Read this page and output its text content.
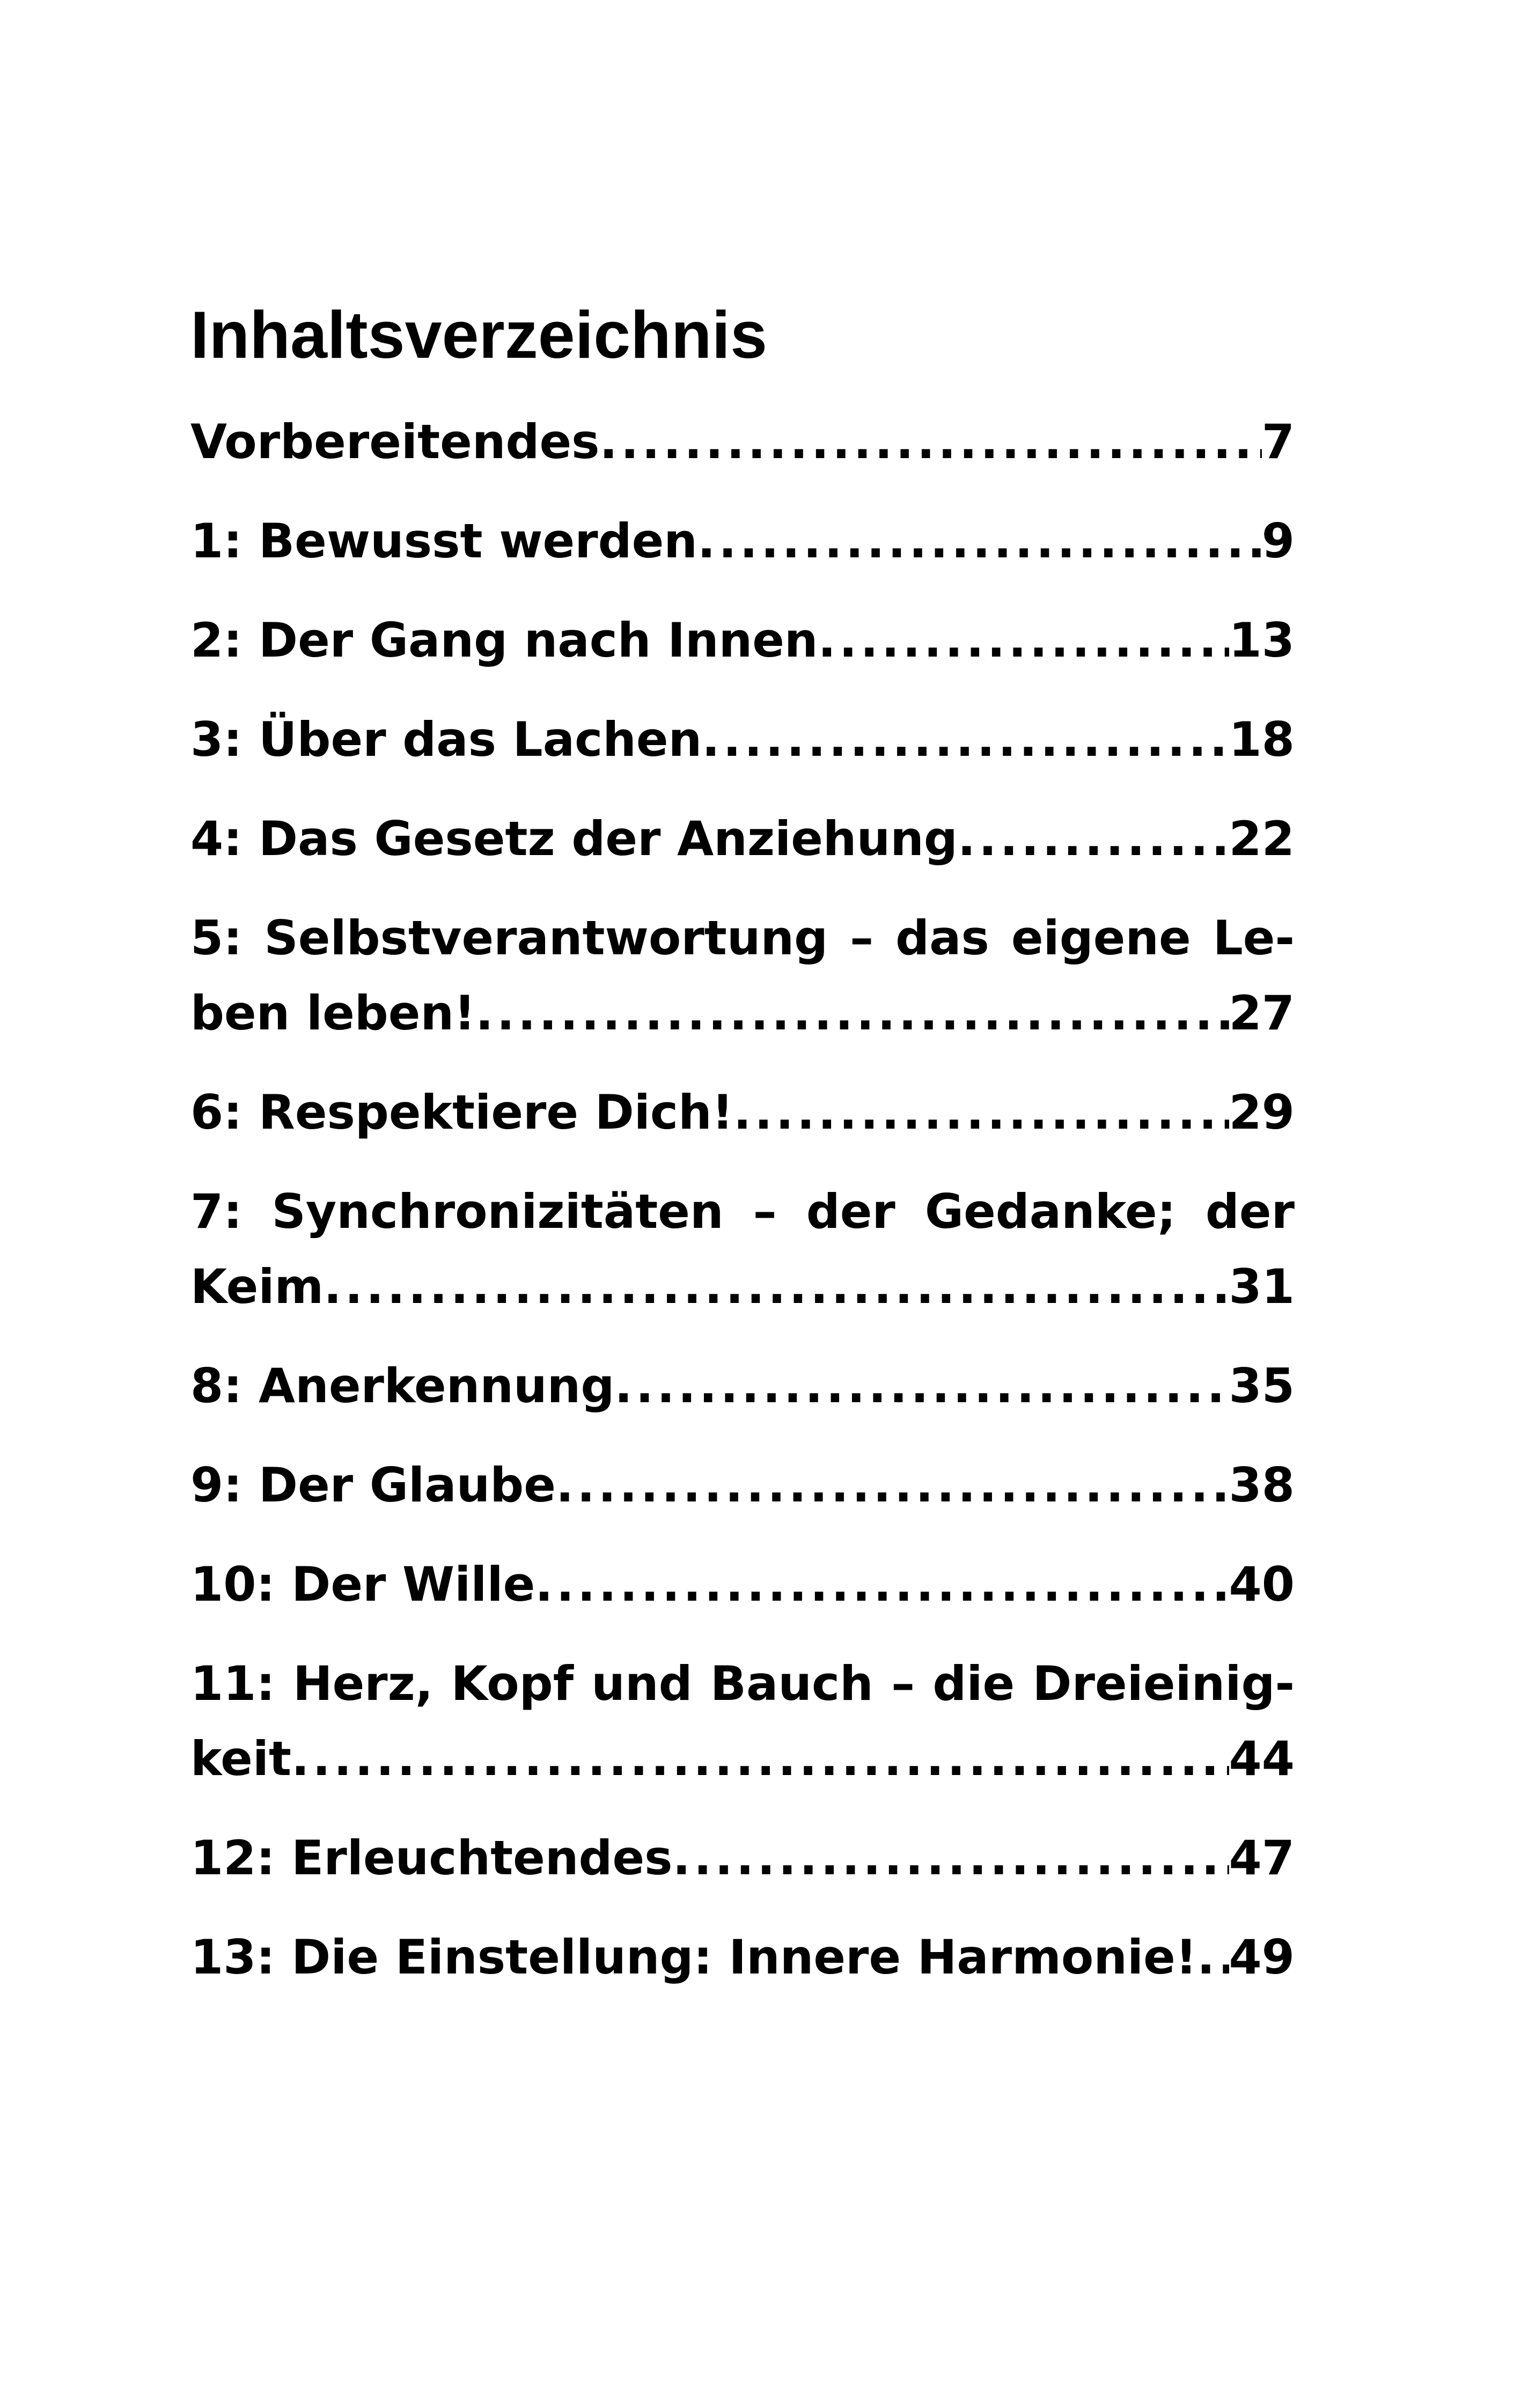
Inhaltsverzeichnis
Vorbereitendes .....	7
1: Bewusst werden .....	9
2: Der Gang nach Innen .....	13
3: Über das Lachen .....	18
4: Das Gesetz der Anziehung .....	22
5: Selbstverantwortung – das eigene Le-
ben leben! .....	27
6: Respektiere Dich! .....	29
7: Synchronizitäten – der Gedanke; der
Keim .....	31
8: Anerkennung .....	35
9: Der Glaube .....	38
10: Der Wille .....	40
11: Herz, Kopf und Bauch – die Dreieinig-
keit .....	44
12: Erleuchtendes .....	47
13: Die Einstellung: Innere Harmonie! ..... 49
